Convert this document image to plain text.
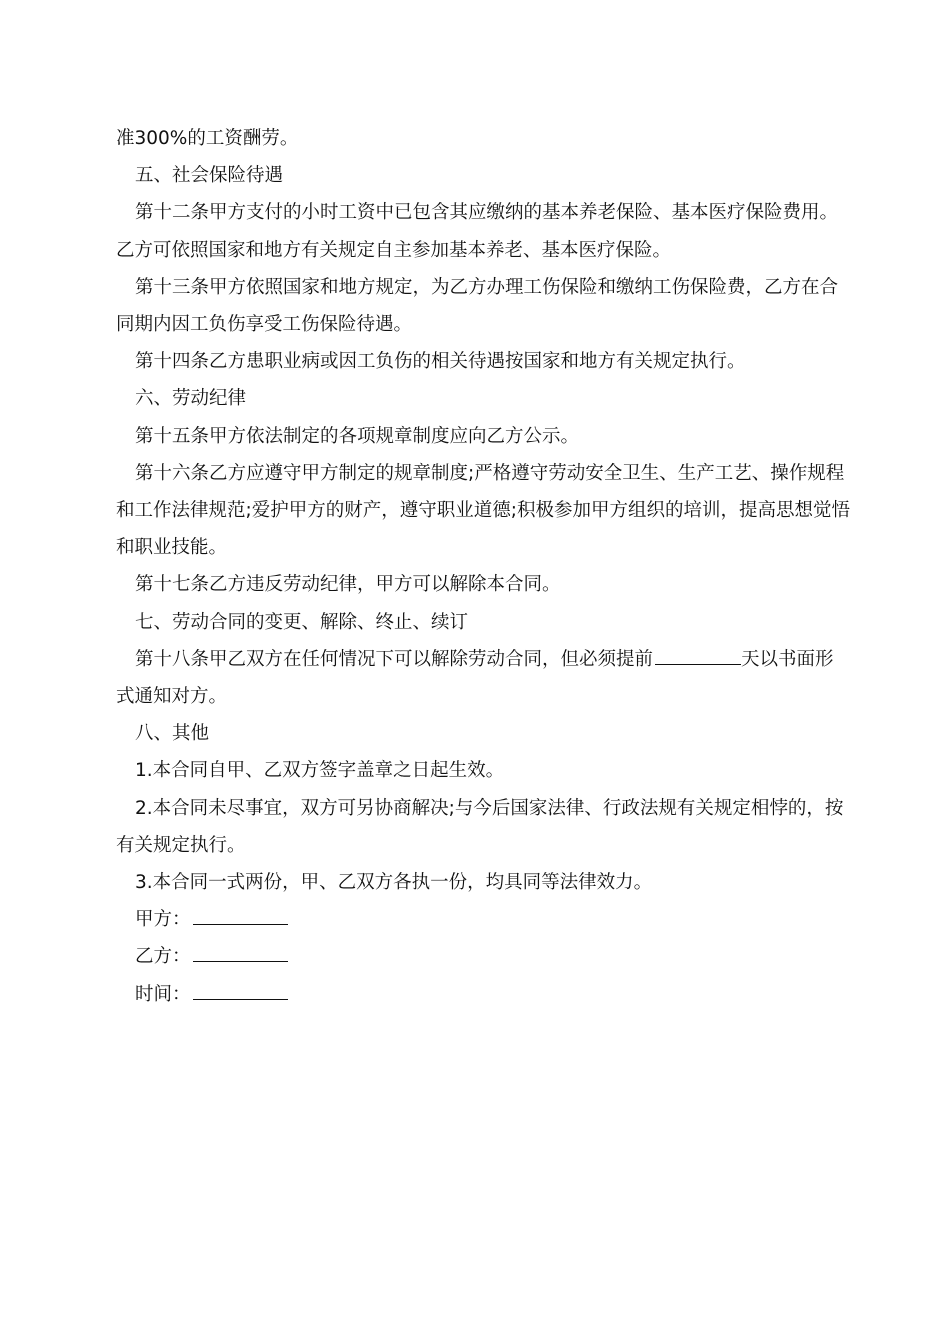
准300%的工资酬劳。

五、社会保险待遇

第十二条甲方支付的小时工资中已包含其应缴纳的基本养老保险、基本医疗保险费用。乙方可依照国家和地方有关规定自主参加基本养老、基本医疗保险。

第十三条甲方依照国家和地方规定，为乙方办理工伤保险和缴纳工伤保险费，乙方在合同期内因工负伤享受工伤保险待遇。

第十四条乙方患职业病或因工负伤的相关待遇按国家和地方有关规定执行。

六、劳动纪律

第十五条甲方依法制定的各项规章制度应向乙方公示。

第十六条乙方应遵守甲方制定的规章制度;严格遵守劳动安全卫生、生产工艺、操作规程和工作法律规范;爱护甲方的财产，遵守职业道德;积极参加甲方组织的培训，提高思想觉悟和职业技能。

第十七条乙方违反劳动纪律，甲方可以解除本合同。

七、劳动合同的变更、解除、终止、续订

第十八条甲乙双方在任何情况下可以解除劳动合同，但必须提前	天以书面形式通知对方。

八、其他

1.本合同自甲、乙双方签字盖章之日起生效。

2.本合同未尽事宜，双方可另协商解决;与今后国家法律、行政法规有关规定相悖的，按有关规定执行。

3.本合同一式两份，甲、乙双方各执一份，均具同等法律效力。

甲方：

乙方：

时间：
